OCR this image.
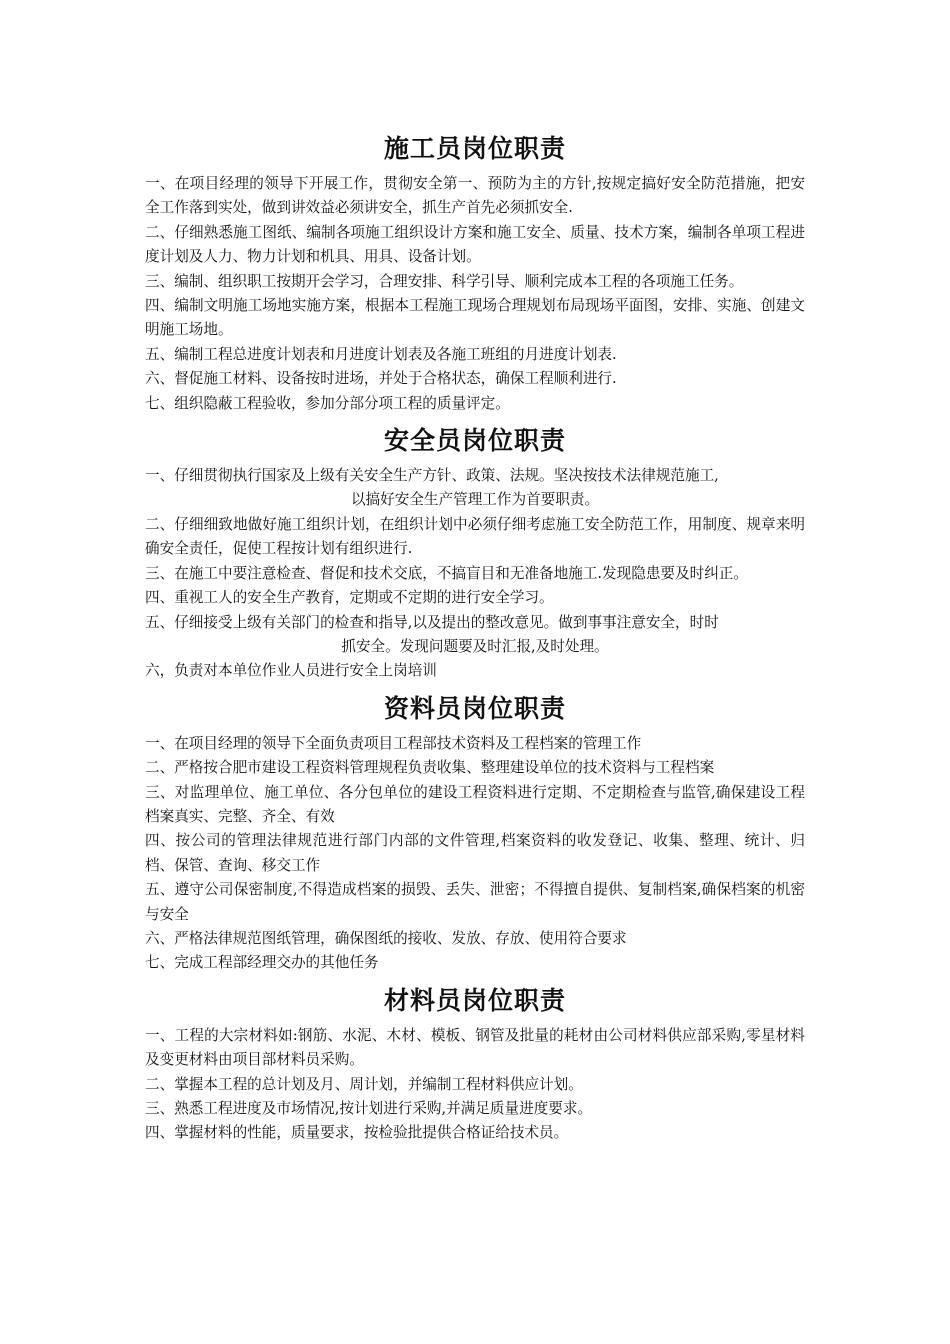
施工员岗位职责

一、在项目经理的领导下开展工作，贯彻安全第一、预防为主的方针,按规定搞好安全防范措施，把安全工作落到实处，做到讲效益必须讲安全，抓生产首先必须抓安全.

二、仔细熟悉施工图纸、编制各项施工组织设计方案和施工安全、质量、技术方案，编制各单项工程进度计划及人力、物力计划和机具、用具、设备计划。

三、编制、组织职工按期开会学习，合理安排、科学引导、顺利完成本工程的各项施工任务。

四、编制文明施工场地实施方案，根据本工程施工现场合理规划布局现场平面图，安排、实施、创建文明施工场地。

五、编制工程总进度计划表和月进度计划表及各施工班组的月进度计划表.

六、督促施工材料、设备按时进场，并处于合格状态，确保工程顺利进行.

七、组织隐蔽工程验收，参加分部分项工程的质量评定。

安全员岗位职责

一、仔细贯彻执行国家及上级有关安全生产方针、政策、法规。坚决按技术法律规范施工,
以搞好安全生产管理工作为首要职责。

二、仔细细致地做好施工组织计划，在组织计划中必须仔细考虑施工安全防范工作，用制度、规章来明确安全责任，促使工程按计划有组织进行.

三、在施工中要注意检查、督促和技术交底，不搞盲目和无准备地施工.发现隐患要及时纠正。

四、重视工人的安全生产教育，定期或不定期的进行安全学习。

五、仔细接受上级有关部门的检查和指导,以及提出的整改意见。做到事事注意安全，时时
抓安全。发现问题要及时汇报,及时处理。

六，负责对本单位作业人员进行安全上岗培训

资料员岗位职责

一、在项目经理的领导下全面负责项目工程部技术资料及工程档案的管理工作

二、严格按合肥市建设工程资料管理规程负责收集、整理建设单位的技术资料与工程档案

三、对监理单位、施工单位、各分包单位的建设工程资料进行定期、不定期检查与监管,确保建设工程档案真实、完整、齐全、有效

四、按公司的管理法律规范进行部门内部的文件管理,档案资料的收发登记、收集、整理、统计、归档、保管、查询、移交工作

五、遵守公司保密制度,不得造成档案的损毁、丢失、泄密；不得擅自提供、复制档案,确保档案的机密与安全

六、严格法律规范图纸管理，确保图纸的接收、发放、存放、使用符合要求

七、完成工程部经理交办的其他任务

材料员岗位职责

一、工程的大宗材料如:钢筋、水泥、木材、模板、钢管及批量的耗材由公司材料供应部采购,零星材料及变更材料由项目部材料员采购。

二、掌握本工程的总计划及月、周计划，并编制工程材料供应计划。

三、熟悉工程进度及市场情况,按计划进行采购,并满足质量进度要求。

四、掌握材料的性能，质量要求，按检验批提供合格证给技术员。
